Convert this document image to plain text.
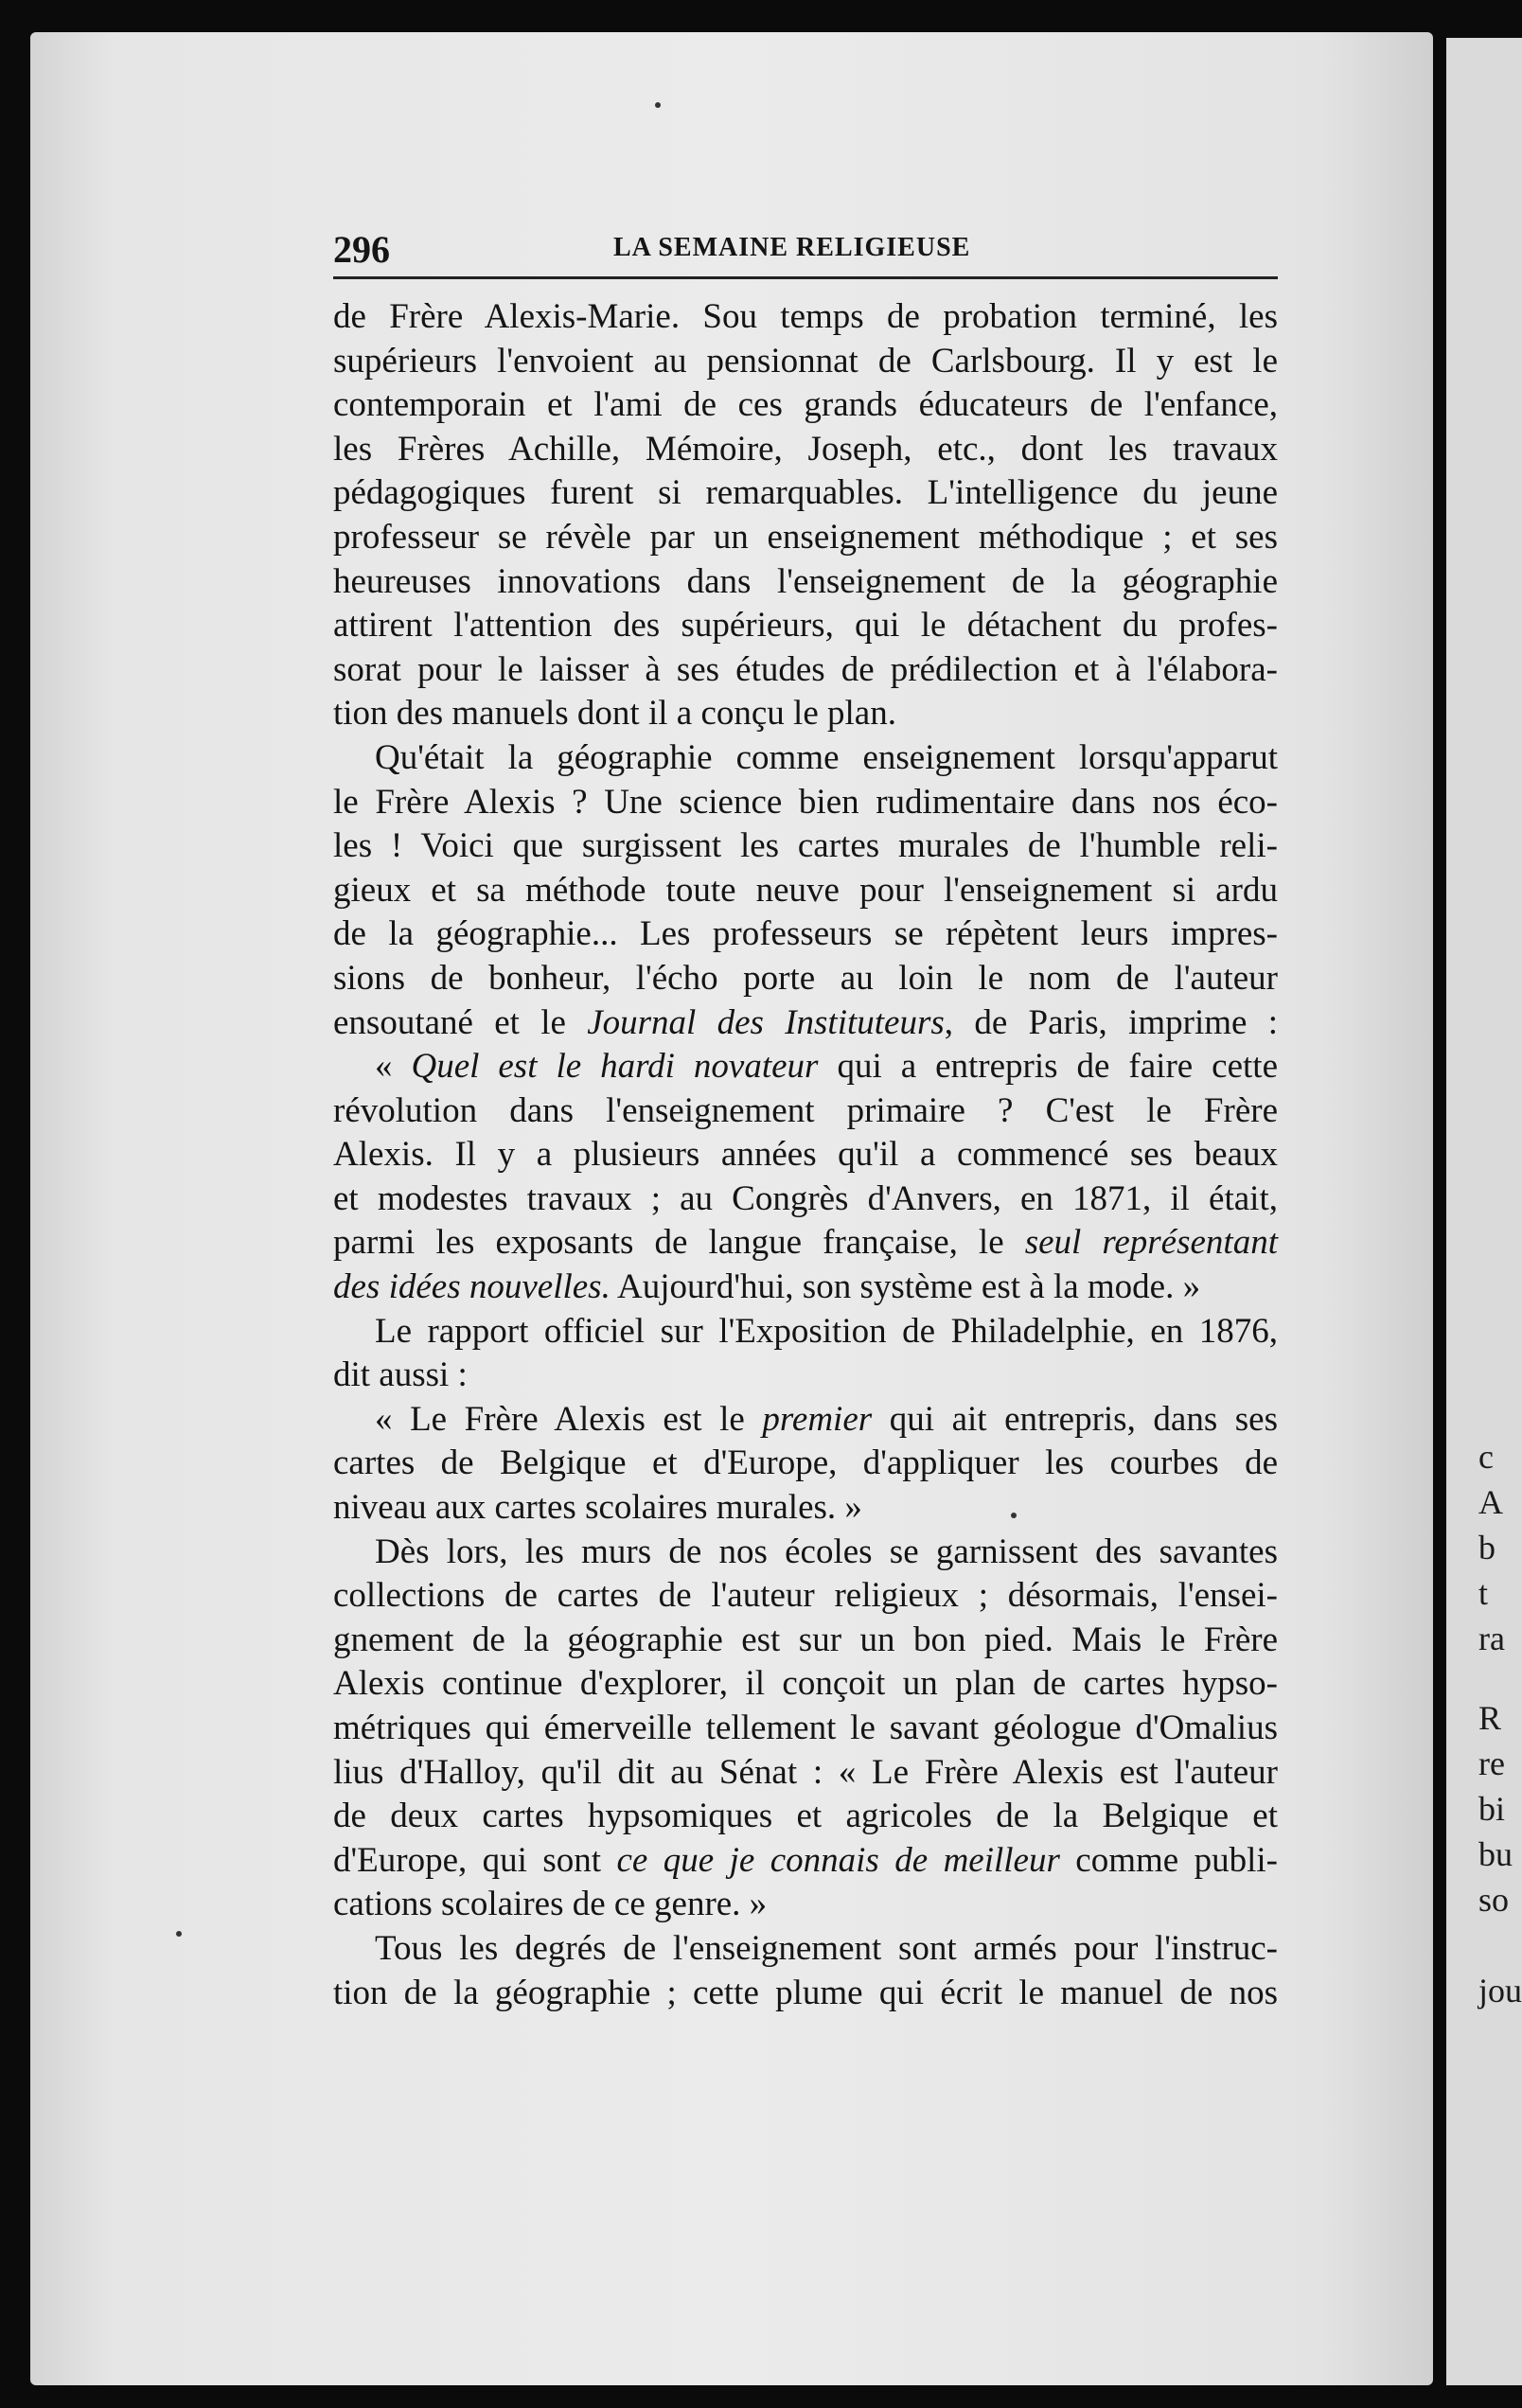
c
A
b
t
ra
R
re
bi
bu
so
jou
296	LA SEMAINE RELIGIEUSE
de Frère Alexis-Marie. Sou temps de probation terminé, les
supérieurs l'envoient au pensionnat de Carlsbourg. Il y est le
contemporain et l'ami de ces grands éducateurs de l'enfance,
les Frères Achille, Mémoire, Joseph, etc., dont les travaux
pédagogiques furent si remarquables. L'intelligence du jeune
professeur se révèle par un enseignement méthodique ; et ses
heureuses innovations dans l'enseignement de la géographie
attirent l'attention des supérieurs, qui le détachent du profes-
sorat pour le laisser à ses études de prédilection et à l'élabora-
tion des manuels dont il a conçu le plan.
Qu'était la géographie comme enseignement lorsqu'apparut
le Frère Alexis ? Une science bien rudimentaire dans nos éco-
les ! Voici que surgissent les cartes murales de l'humble reli-
gieux et sa méthode toute neuve pour l'enseignement si ardu
de la géographie... Les professeurs se répètent leurs impres-
sions de bonheur, l'écho porte au loin le nom de l'auteur
ensoutané et le Journal des Instituteurs, de Paris, imprime :
« Quel est le hardi novateur qui a entrepris de faire cette
révolution dans l'enseignement primaire ? C'est le Frère
Alexis. Il y a plusieurs années qu'il a commencé ses beaux
et modestes travaux ; au Congrès d'Anvers, en 1871, il était,
parmi les exposants de langue française, le seul représentant
des idées nouvelles. Aujourd'hui, son système est à la mode. »
Le rapport officiel sur l'Exposition de Philadelphie, en 1876,
dit aussi :
« Le Frère Alexis est le premier qui ait entrepris, dans ses
cartes de Belgique et d'Europe, d'appliquer les courbes de
niveau aux cartes scolaires murales. »
Dès lors, les murs de nos écoles se garnissent des savantes
collections de cartes de l'auteur religieux ; désormais, l'ensei-
gnement de la géographie est sur un bon pied. Mais le Frère
Alexis continue d'explorer, il conçoit un plan de cartes hypso-
métriques qui émerveille tellement le savant géologue d'Omalius
lius d'Halloy, qu'il dit au Sénat : « Le Frère Alexis est l'auteur
de deux cartes hypsomiques et agricoles de la Belgique et
d'Europe, qui sont ce que je connais de meilleur comme publi-
cations scolaires de ce genre. »
Tous les degrés de l'enseignement sont armés pour l'instruc-
tion de la géographie ; cette plume qui écrit le manuel de nos
